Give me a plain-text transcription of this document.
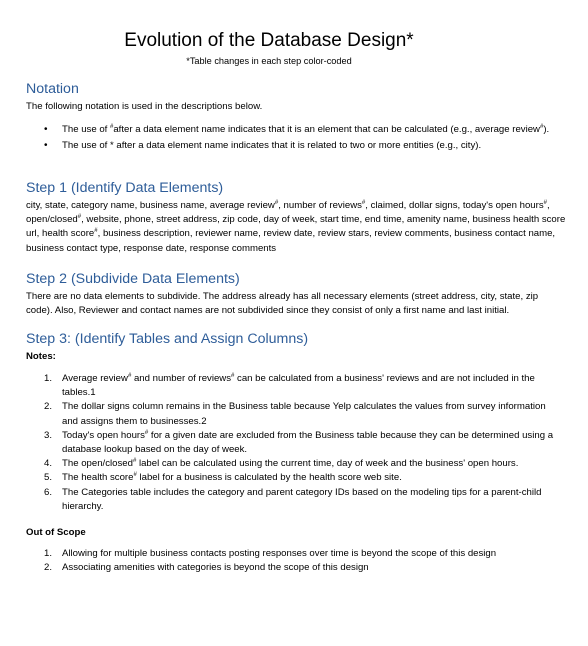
Evolution of the Database Design*
*Table changes in each step color-coded
Notation

The following notation is used in the descriptions below.

• The use of #after a data element name indicates that it is an element that can be calculated (e.g., average review#).
• The use of * after a data element name indicates that it is related to two or more entities (e.g., city).
Step 1 (Identify Data Elements)

city, state, category name, business name, average review#, number of reviews#, claimed, dollar signs, today's open hours#, open/closed#, website, phone, street address, zip code, day of week, start time, end time, amenity name, business health score url, health score#, business description, reviewer name, review date, review stars, review comments, business contact name, business contact type, response date, response comments

Step 2 (Subdivide Data Elements)

There are no data elements to subdivide. The address already has all necessary elements (street address, city, state, zip code). Also, Reviewer and contact names are not subdivided since they consist of only a first name and last initial.

Step 3: (Identify Tables and Assign Columns)

Notes:

1. Average review# and number of reviews# can be calculated from a business' reviews and are not included in the tables.1
2. The dollar signs column remains in the Business table because Yelp calculates the values from survey information and assigns them to businesses.2
3. Today's open hours# for a given date are excluded from the Business table because they can be determined using a database lookup based on the day of week.
4. The open/closed# label can be calculated using the current time, day of week and the business' open hours.
5. The health score# label for a business is calculated by the health score web site.
6. The Categories table includes the category and parent category IDs based on the modeling tips for a parent-child hierarchy.

Out of Scope

1. Allowing for multiple business contacts posting responses over time is beyond the scope of this design
2. Associating amenities with categories is beyond the scope of this design
